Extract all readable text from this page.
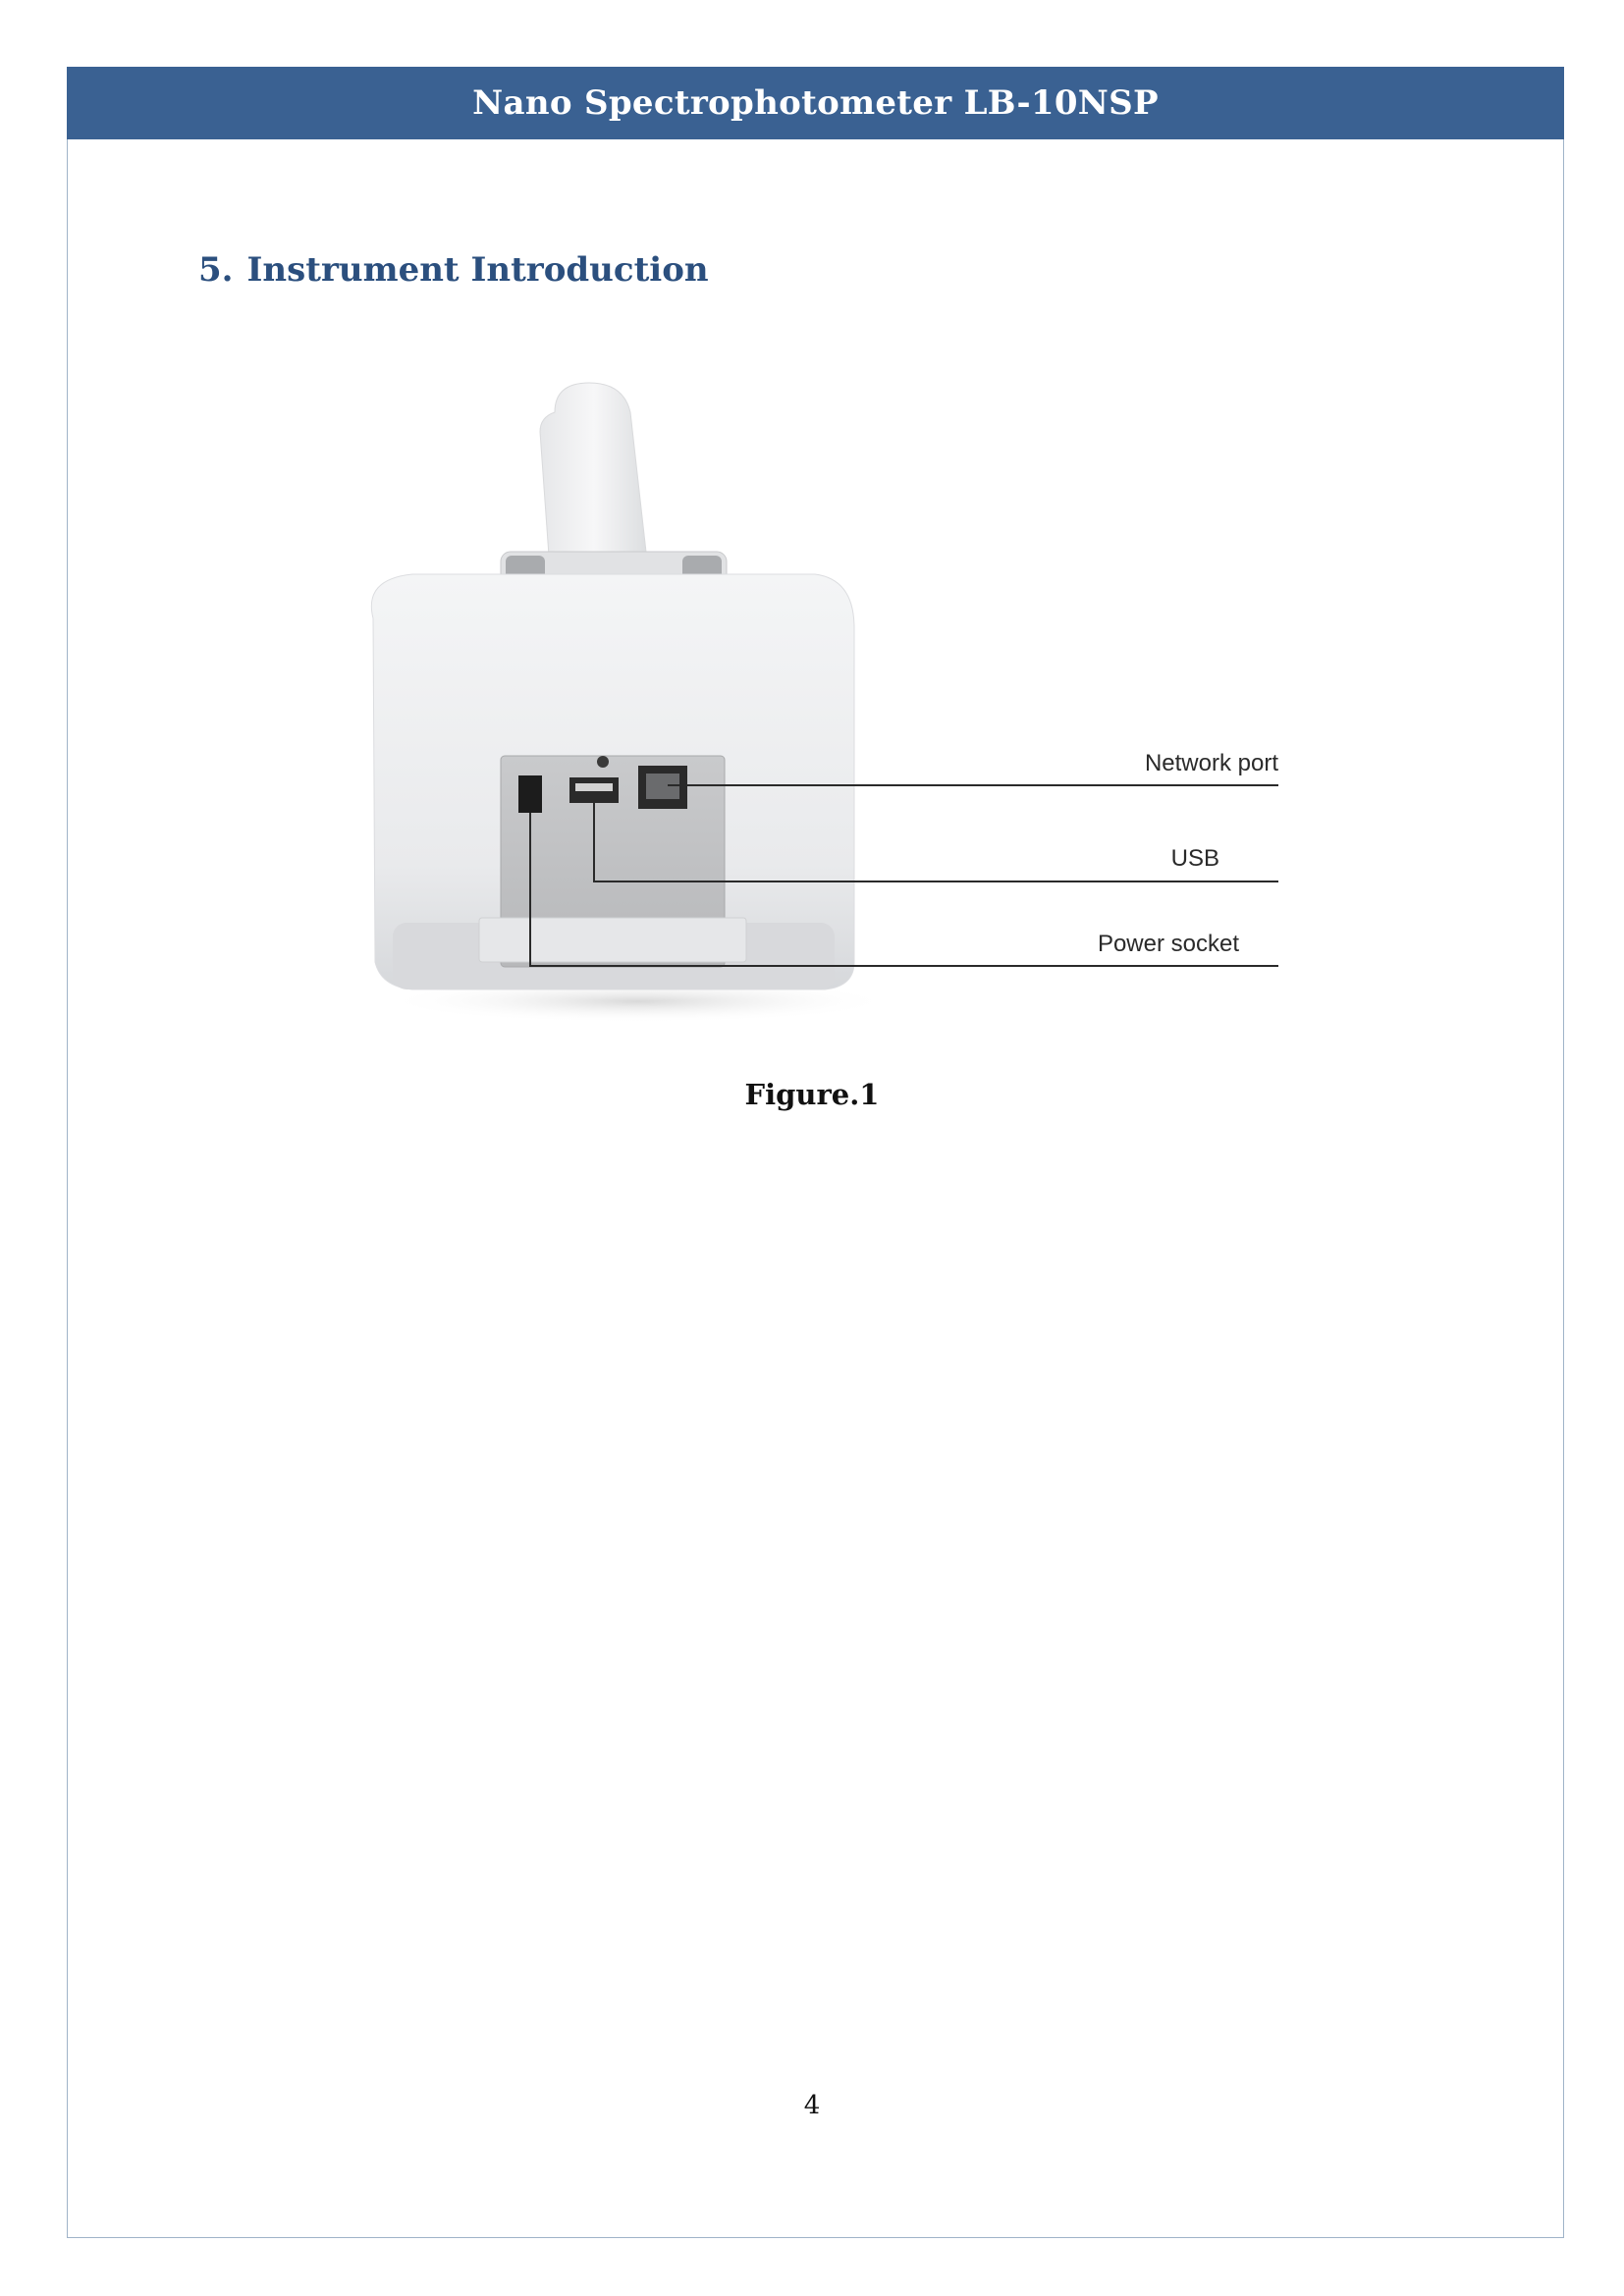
Nano Spectrophotometer LB-10NSP
5. Instrument Introduction
Network port
USB
Power socket
Figure.1
4
